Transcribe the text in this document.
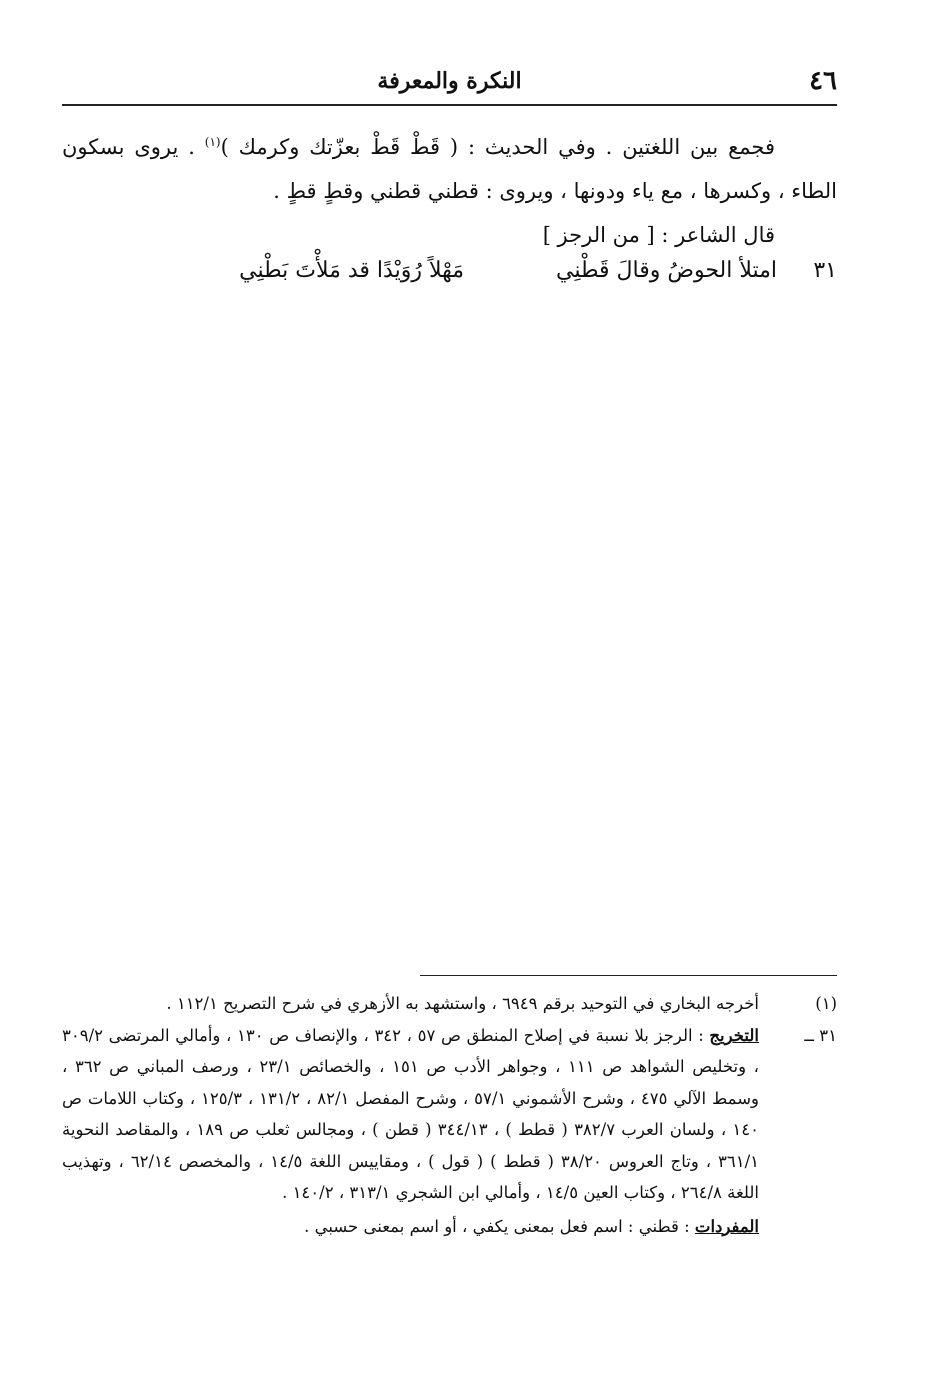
٤٦
النكرة والمعرفة

فجمع بين اللغتين . وفي الحديث : ( قَطْ قَطْ بعزّتك وكرمك )$^{(١)}$ . يروى بسكون الطاء ، وكسرها ، مع ياء ودونها ، ويروى : قطني قطني وقطٍ قطٍ .

قال الشاعر : [ من الرجز ]

٣١
امتلأ الحوضُ وقالَ قَطْنِي
مَهْلاً رُوَيْدًا قد مَلأْتَ بَطْنِي
(١)
أخرجه البخاري في التوحيد برقم ٦٩٤٩ ، واستشهد به الأزهري في شرح التصريح ١١٢/١ .
٣١ ــ
التخريج : الرجز بلا نسبة في إصلاح المنطق ص ٥٧ ، ٣٤٢ ، والإنصاف ص ١٣٠ ، وأمالي المرتضى ٣٠٩/٢ ، وتخليص الشواهد ص ١١١ ، وجواهر الأدب ص ١٥١ ، والخصائص ٢٣/١ ، ورصف المباني ص ٣٦٢ ، وسمط الآلي ٤٧٥ ، وشرح الأشموني ٥٧/١ ، وشرح المفصل ٨٢/١ ، ١٣١/٢ ، ١٢٥/٣ ، وكتاب اللامات ص ١٤٠ ، ولسان العرب ٣٨٢/٧ ( قطط ) ، ٣٤٤/١٣ ( قطن ) ، ومجالس ثعلب ص ١٨٩ ، والمقاصد النحوية ٣٦١/١ ، وتاج العروس ٣٨/٢٠ ( قطط ) ( قول ) ، ومقاييس اللغة ١٤/٥ ، والمخصص ٦٢/١٤ ، وتهذيب اللغة ٢٦٤/٨ ، وكتاب العين ١٤/٥ ، وأمالي ابن الشجري ٣١٣/١ ، ١٤٠/٢ .
المفردات : قطني : اسم فعل بمعنى يكفي ، أو اسم بمعنى حسبي .
